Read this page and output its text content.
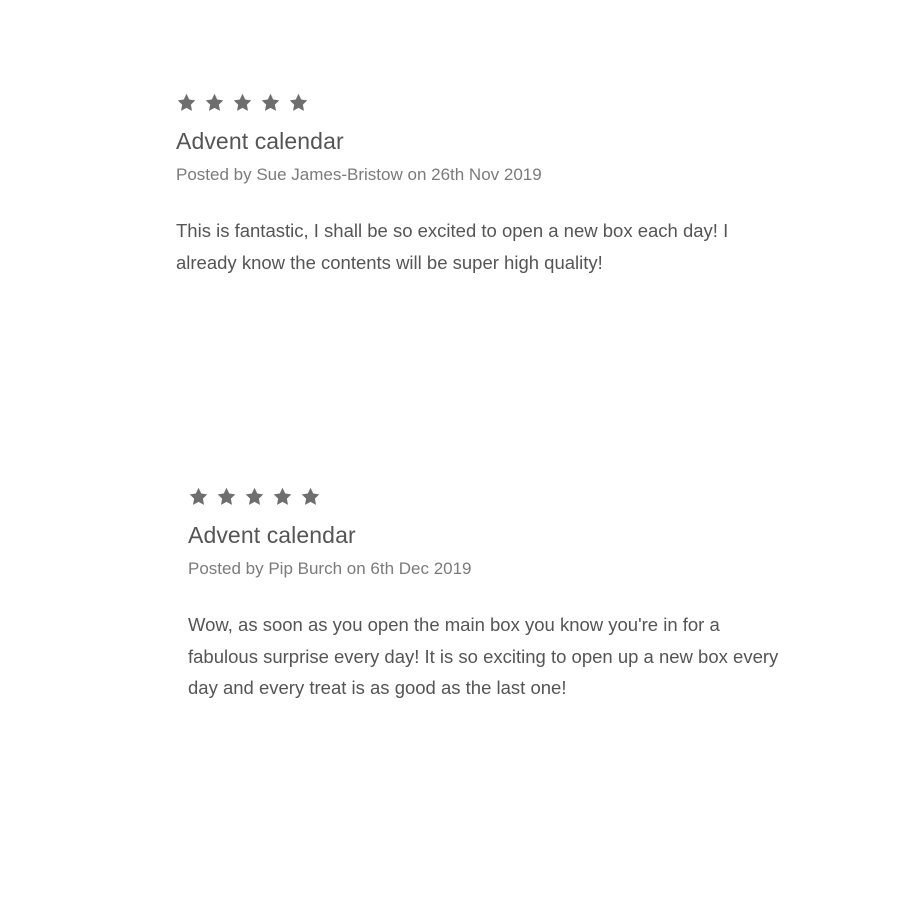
Advent calendar
Posted by Sue James-Bristow on 26th Nov 2019

This is fantastic, I shall be so excited to open a new box each day! I already know the contents will be super high quality!

Advent calendar
Posted by Pip Burch on 6th Dec 2019

Wow, as soon as you open the main box you know you're in for a fabulous surprise every day! It is so exciting to open up a new box every day and every treat is as good as the last one!
